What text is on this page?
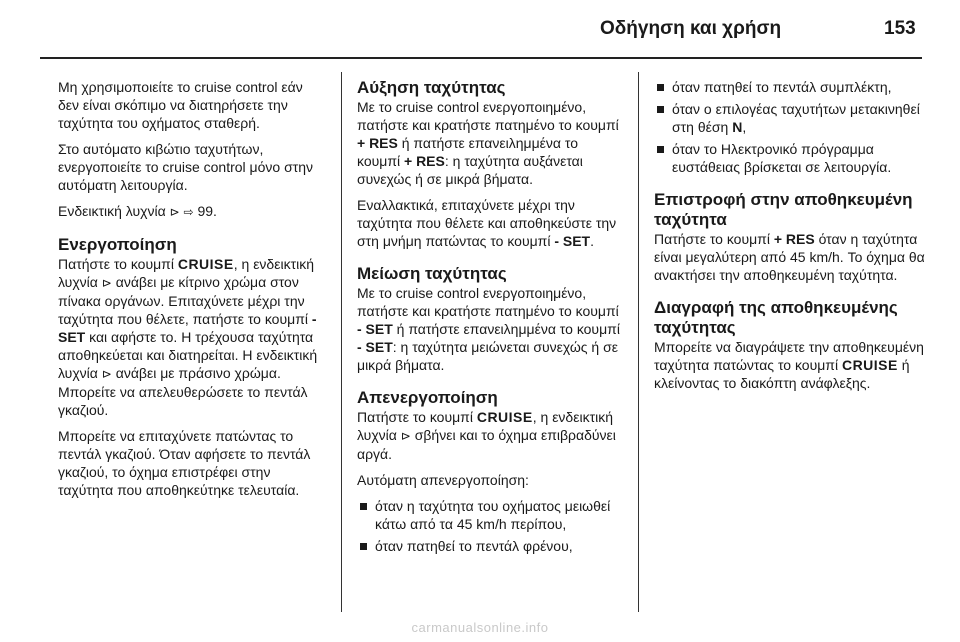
Οδήγηση και χρήση	153

Μη χρησιμοποιείτε το cruise control εάν δεν είναι σκόπιμο να διατηρήσετε την ταχύτητα του οχήματος σταθερή.

Στο αυτόματο κιβώτιο ταχυτήτων, ενεργοποιείτε το cruise control μόνο στην αυτόματη λειτουργία.

Ενδεικτική λυχνία ⊳ ⇨ 99.

Ενεργοποίηση

Πατήστε το κουμπί CRUISE, η ενδεικτική λυχνία ⊳ ανάβει με κίτρινο χρώμα στον πίνακα οργάνων. Επιταχύνετε μέχρι την ταχύτητα που θέλετε, πατήστε το κουμπί - SET και αφήστε το. Η τρέχουσα ταχύτητα αποθηκεύεται και διατηρείται. Η ενδεικτική λυχνία ⊳ ανάβει με πράσινο χρώμα. Μπορείτε να απελευθερώσετε το πεντάλ γκαζιού.

Μπορείτε να επιταχύνετε πατώντας το πεντάλ γκαζιού. Όταν αφήσετε το πεντάλ γκαζιού, το όχημα επιστρέφει στην ταχύτητα που αποθηκεύτηκε τελευταία.

Αύξηση ταχύτητας

Με το cruise control ενεργοποιημένο, πατήστε και κρατήστε πατημένο το κουμπί + RES ή πατήστε επανειλημμένα το κουμπί + RES: η ταχύτητα αυξάνεται συνεχώς ή σε μικρά βήματα.

Εναλλακτικά, επιταχύνετε μέχρι την ταχύτητα που θέλετε και αποθηκεύστε την στη μνήμη πατώντας το κουμπί - SET.

Μείωση ταχύτητας

Με το cruise control ενεργοποιημένο, πατήστε και κρατήστε πατημένο το κουμπί - SET ή πατήστε επανειλημμένα το κουμπί - SET: η ταχύτητα μειώνεται συνεχώς ή σε μικρά βήματα.

Απενεργοποίηση

Πατήστε το κουμπί CRUISE, η ενδεικτική λυχνία ⊳ σβήνει και το όχημα επιβραδύνει αργά.

Αυτόματη απενεργοποίηση:

όταν η ταχύτητα του οχήματος μειωθεί κάτω από τα 45 km/h περίπου,
όταν πατηθεί το πεντάλ φρένου,
όταν πατηθεί το πεντάλ συμπλέκτη,
όταν ο επιλογέας ταχυτήτων μετακινηθεί στη θέση N,
όταν το Ηλεκτρονικό πρόγραμμα ευστάθειας βρίσκεται σε λειτουργία.
Επιστροφή στην αποθηκευμένη ταχύτητα

Πατήστε το κουμπί + RES όταν η ταχύτητα είναι μεγαλύτερη από 45 km/h. Το όχημα θα ανακτήσει την αποθηκευμένη ταχύτητα.

Διαγραφή της αποθηκευμένης ταχύτητας

Μπορείτε να διαγράψετε την αποθηκευμένη ταχύτητα πατώντας το κουμπί CRUISE ή κλείνοντας το διακόπτη ανάφλεξης.

carmanualsonline.info
